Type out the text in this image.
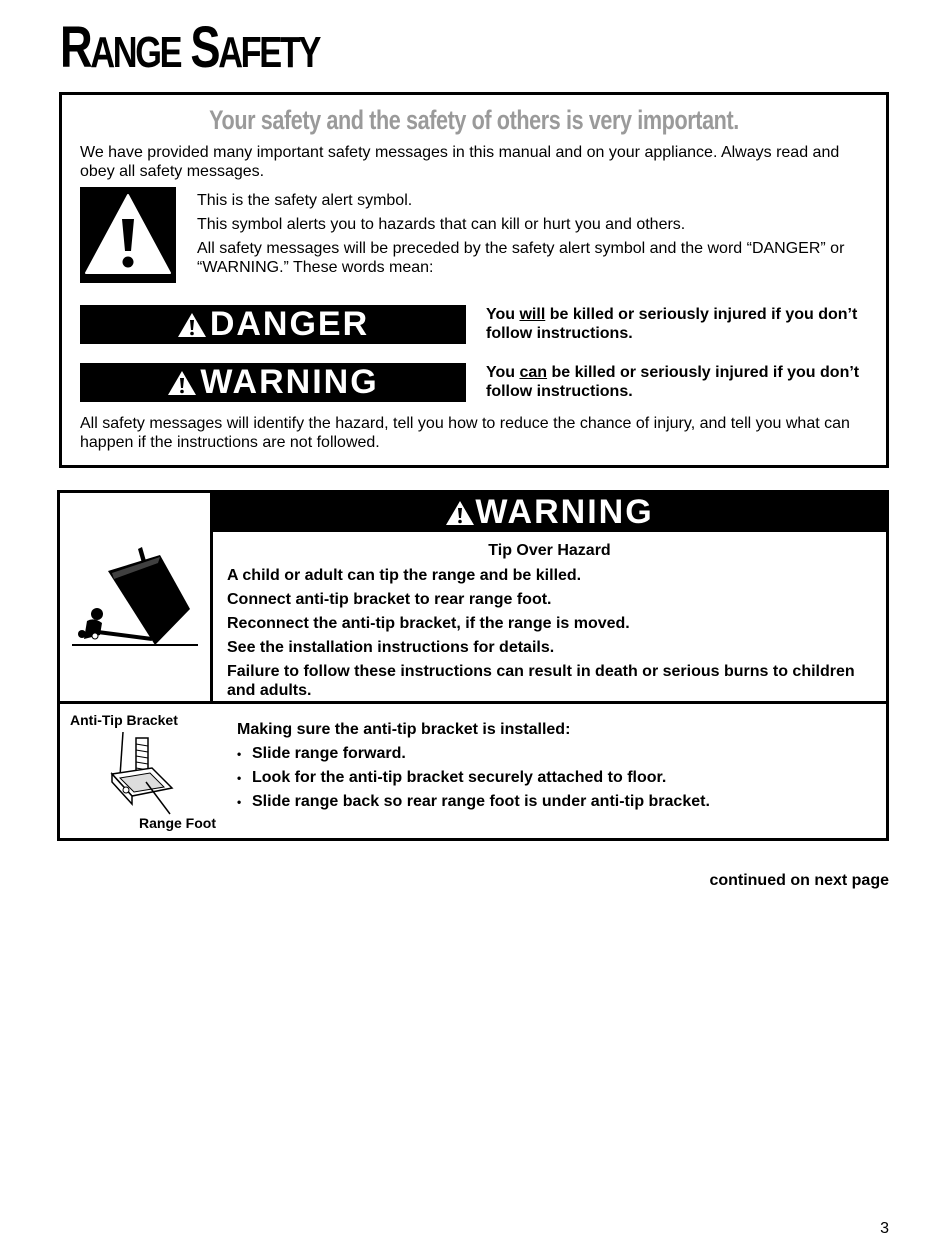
RANGE SAFETY
Your safety and the safety of others is very important.
We have provided many important safety messages in this manual and on your appliance. Always read and obey all safety messages.
This is the safety alert symbol.
This symbol alerts you to hazards that can kill or hurt you and others.
All safety messages will be preceded by the safety alert symbol and the word “DANGER” or “WARNING.” These words mean:
DANGER	You will be killed or seriously injured if you don’t follow instructions.
WARNING	You can be killed or seriously injured if you don’t follow instructions.
All safety messages will identify the hazard, tell you how to reduce the chance of injury, and tell you what can happen if the instructions are not followed.
WARNING
Tip Over Hazard
A child or adult can tip the range and be killed.
Connect anti-tip bracket to rear range foot.
Reconnect the anti-tip bracket, if the range is moved.
See the installation instructions for details.
Failure to follow these instructions can result in death or serious burns to children and adults.
Anti-Tip Bracket
Range Foot

Making sure the anti-tip bracket is installed:

• Slide range forward.

• Look for the anti-tip bracket securely attached to floor.

• Slide range back so rear range foot is under anti-tip bracket.

continued on next page
3
